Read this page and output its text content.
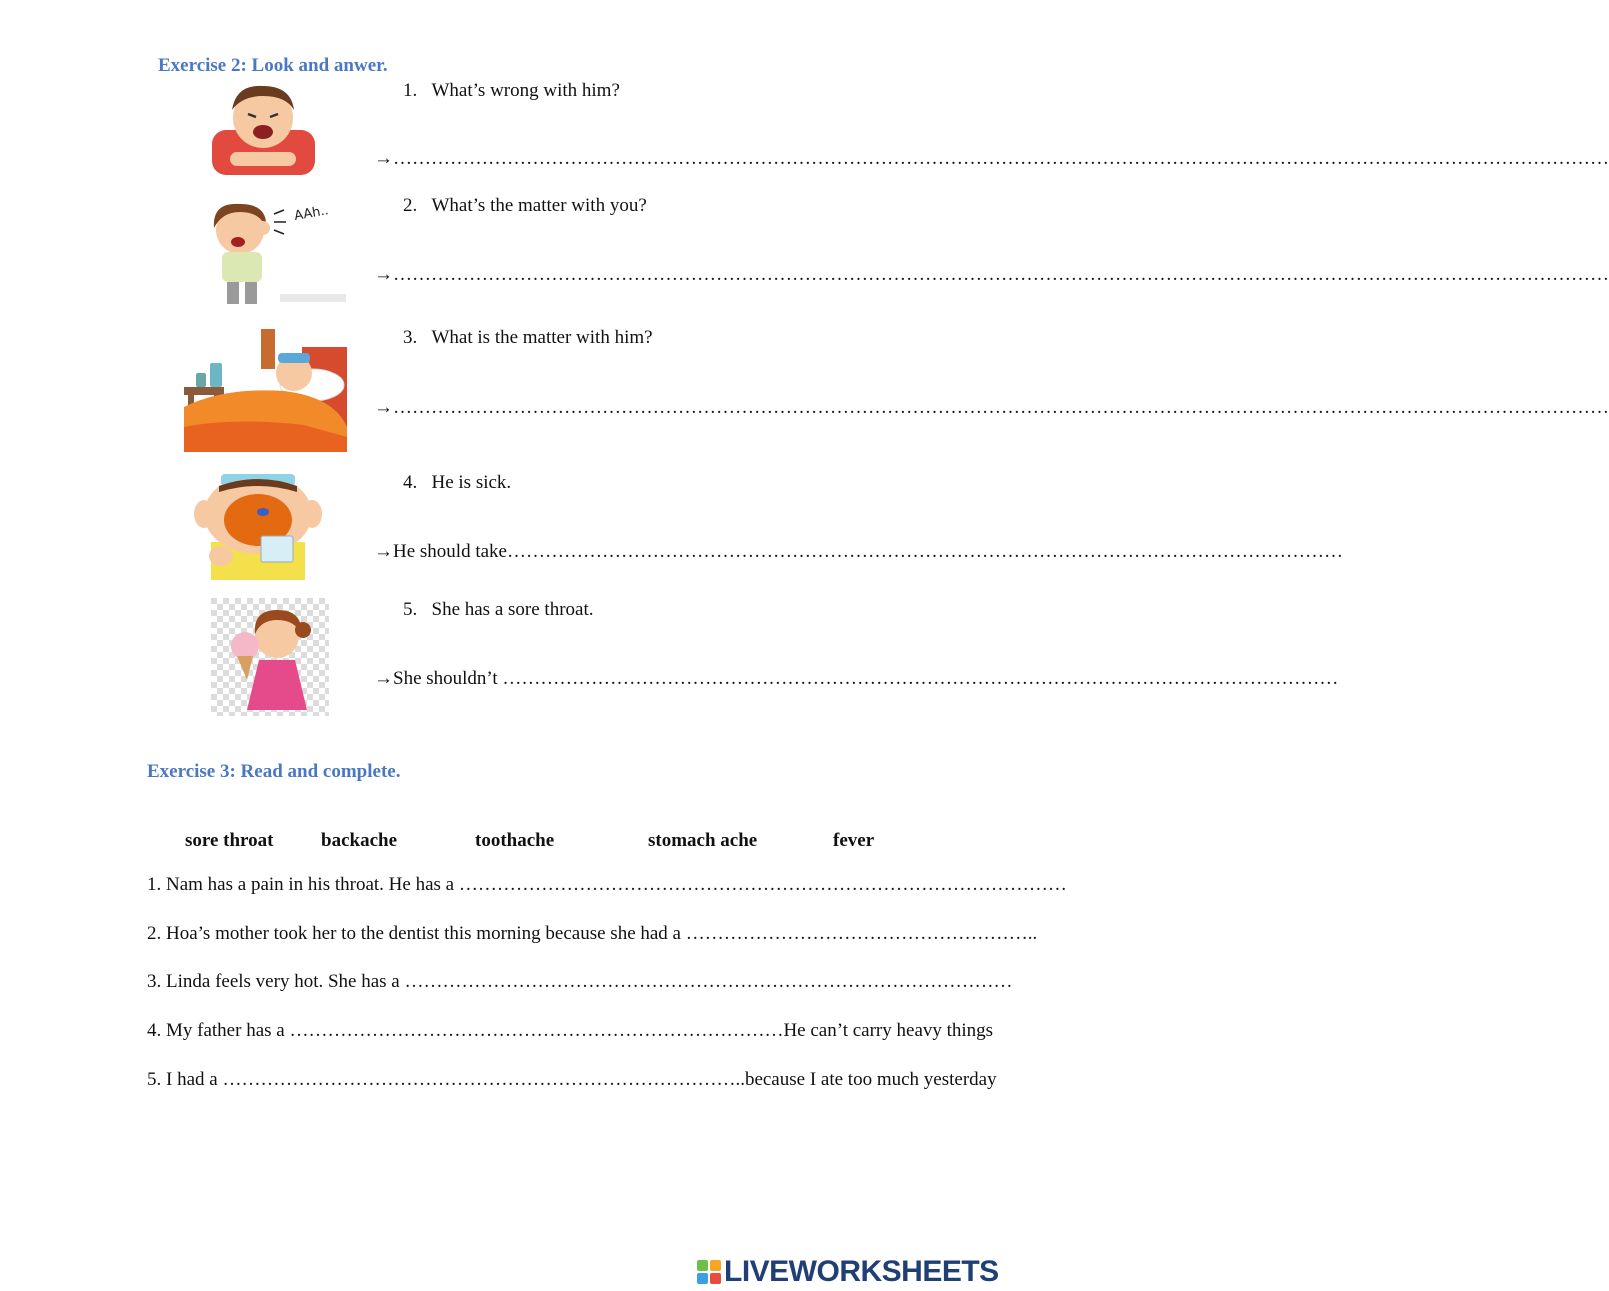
Exercise 2: Look and anwer.
AAh..
1. What’s wrong with him?
→…………………………………………………………………………………………………………………………………………………………………………
2. What’s the matter with you?
→…………………………………………………………………………………………………………………………………………………………………………
3. What is the matter with him?
→…………………………………………………………………………………………………………………………………………………………………………
4. He is sick.
→He should take……………………………………………………………………………………………………………………
5. She has a sore throat.
→She shouldn’t ……………………………………………………………………………………………………………………
Exercise 3: Read and complete.
sore throat	backache	toothache	stomach ache	fever
1. Nam has a pain in his throat. He has a ……………………………………………………………………………………
2. Hoa’s mother took her to the dentist this morning because she had a ………………………………………………..
3. Linda feels very hot. She has a ……………………………………………………………………………………
4. My father has a ……………………………………………………………………He can’t carry heavy things
5. I had a ………………………………………………………………………..because I ate too much yesterday
LIVEWORKSHEETS
